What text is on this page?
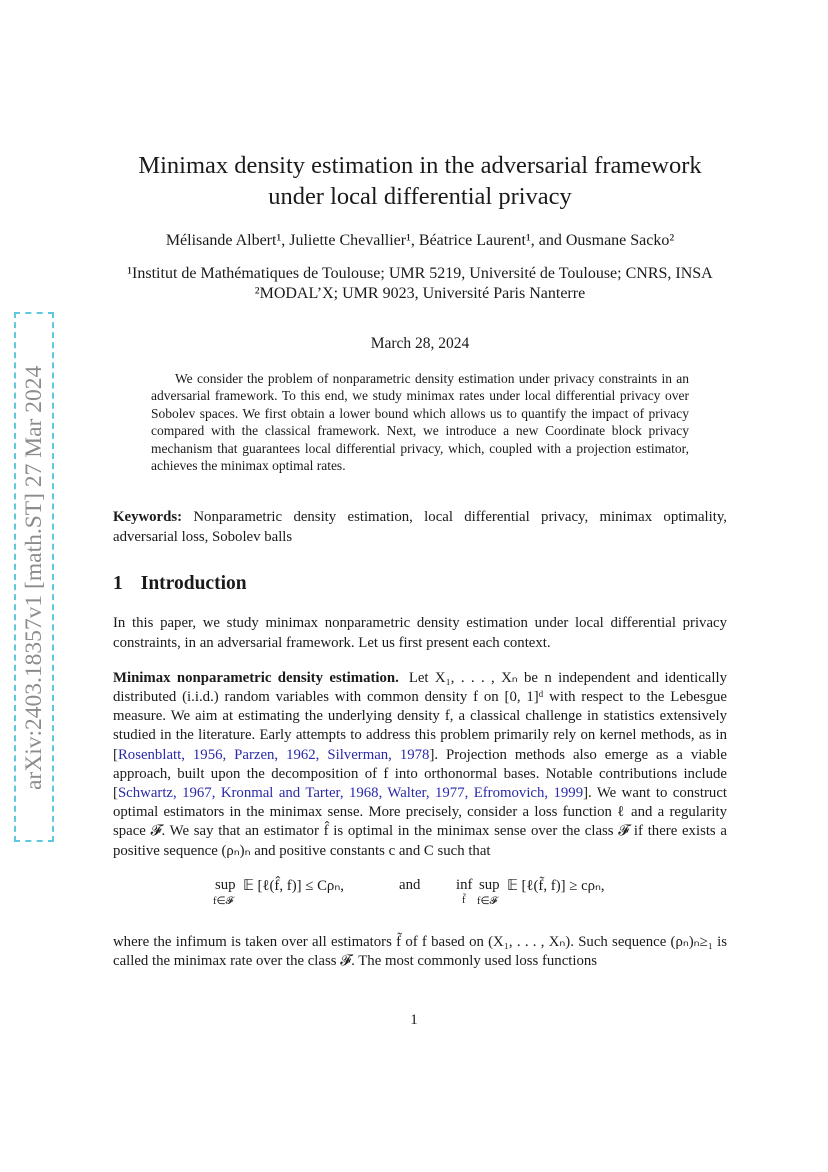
arXiv:2403.18357v1 [math.ST] 27 Mar 2024
Minimax density estimation in the adversarial framework
under local differential privacy
Mélisande Albert¹, Juliette Chevallier¹, Béatrice Laurent¹, and Ousmane Sacko²
¹Institut de Mathématiques de Toulouse; UMR 5219, Université de Toulouse; CNRS, INSA
²MODAL’X; UMR 9023, Université Paris Nanterre
March 28, 2024
We consider the problem of nonparametric density estimation under privacy constraints in an adversarial framework. To this end, we study minimax rates under local differential privacy over Sobolev spaces. We first obtain a lower bound which allows us to quantify the impact of privacy compared with the classical framework. Next, we introduce a new Coordinate block privacy mechanism that guarantees local differential privacy, which, coupled with a projection estimator, achieves the minimax optimal rates.
Keywords: Nonparametric density estimation, local differential privacy, minimax optimality, adversarial loss, Sobolev balls
1 Introduction
In this paper, we study minimax nonparametric density estimation under local differential privacy constraints, in an adversarial framework. Let us first present each context.
Minimax nonparametric density estimation. Let X₁, . . . , Xₙ be n independent and identically distributed (i.i.d.) random variables with common density f on [0, 1]ᵈ with respect to the Lebesgue measure. We aim at estimating the underlying density f, a classical challenge in statistics extensively studied in the literature. Early attempts to address this problem primarily rely on kernel methods, as in [Rosenblatt, 1956, Parzen, 1962, Silverman, 1978]. Projection methods also emerge as a viable approach, built upon the decomposition of f into orthonormal bases. Notable contributions include [Schwartz, 1967, Kronmal and Tarter, 1968, Walter, 1977, Efromovich, 1999]. We want to construct optimal estimators in the minimax sense. More precisely, consider a loss function ℓ and a regularity space 𝓕. We say that an estimator f̂ is optimal in the minimax sense over the class 𝓕 if there exists a positive sequence (ρₙ)ₙ and positive constants c and C such that
sup
f∈𝓕
𝔼 [ℓ(f̂, f)] ≤ Cρₙ,	and inf
f̃
sup
f∈𝓕
𝔼 [ℓ(f̃, f)] ≥ cρₙ,
where the infimum is taken over all estimators f̃ of f based on (X₁, . . . , Xₙ). Such sequence (ρₙ)ₙ≥₁ is called the minimax rate over the class 𝓕. The most commonly used loss functions
1
